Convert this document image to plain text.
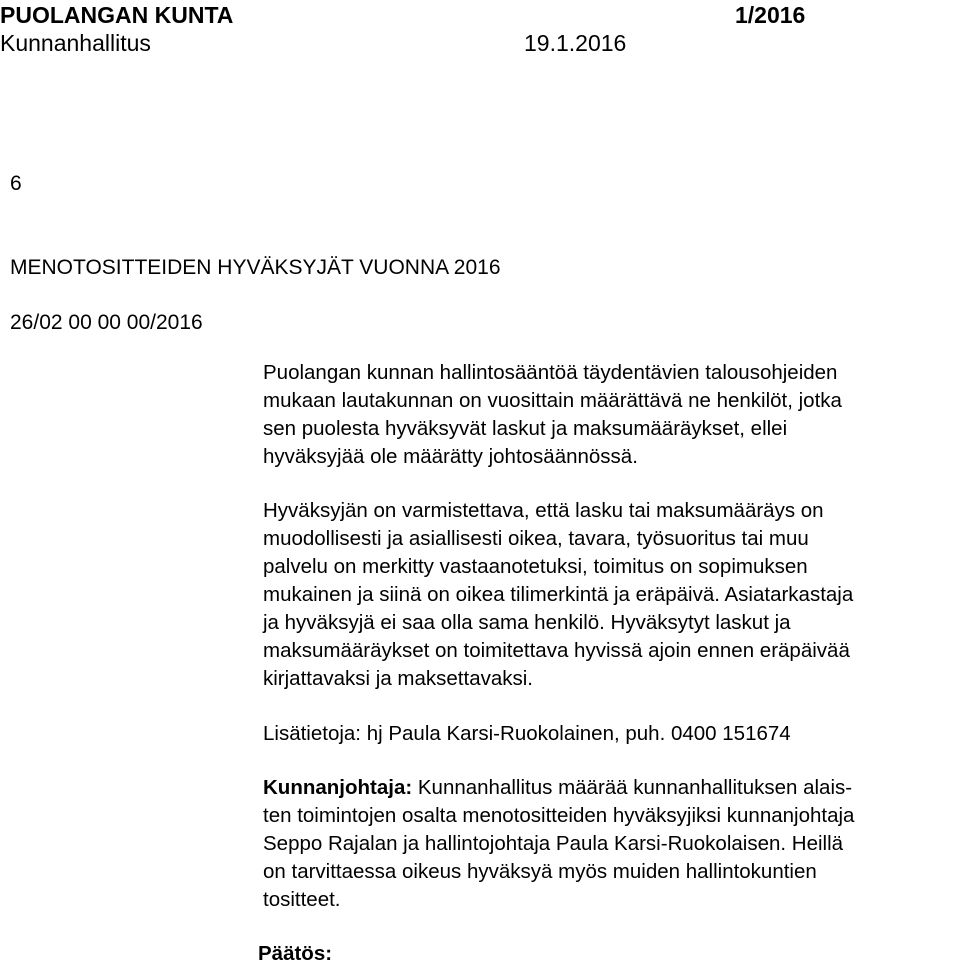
PUOLANGAN KUNTA	1/2016
Kunnanhallitus	19.1.2016
6
MENOTOSITTEIDEN HYVÄKSYJÄT VUONNA 2016
26/02 00 00 00/2016
Puolangan kunnan hallintosääntöä täydentävien talousohjeiden
mukaan lautakunnan on vuosittain määrättävä ne henkilöt, jotka
sen puolesta hyväksyvät laskut ja maksumääräykset, ellei
hyväksyjää ole määrätty johtosäännössä.
Hyväksyjän on varmistettava, että lasku tai maksumääräys on
muodollisesti ja asiallisesti oikea, tavara, työsuoritus tai muu
palvelu on merkitty vastaanotetuksi, toimitus on sopimuksen
mukainen ja siinä on oikea tilimerkintä ja eräpäivä. Asiatarkastaja
ja hyväksyjä ei saa olla sama henkilö. Hyväksytyt laskut ja
maksumääräykset on toimitettava hyvissä ajoin ennen eräpäivää
kirjattavaksi ja maksettavaksi.
Lisätietoja: hj Paula Karsi-Ruokolainen, puh. 0400 151674
Kunnanjohtaja: Kunnanhallitus määrää kunnanhallituksen alais-
ten toimintojen osalta menotositteiden hyväksyjiksi kunnanjohtaja
Seppo Rajalan ja hallintojohtaja Paula Karsi-Ruokolaisen. Heillä
on tarvittaessa oikeus hyväksyä myös muiden hallintokuntien
tositteet.
Päätös:
